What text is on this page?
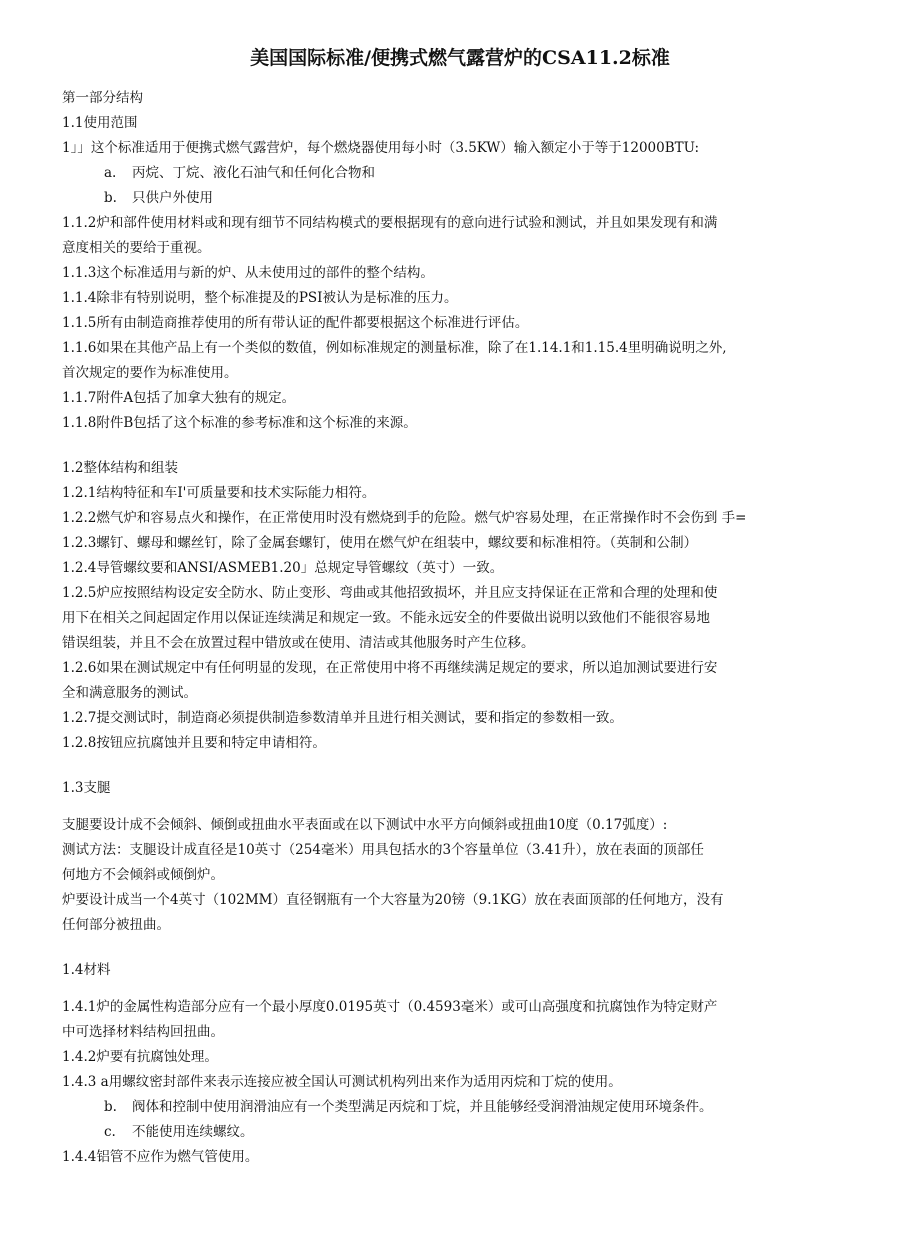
美国国际标准/便携式燃气露营炉的CSA11.2标准
第一部分结构
1.1使用范围
1」」这个标准适用于便携式燃气露营炉，每个燃烧器使用每小时（3.5KW）输入额定小于等于12000BTU:
a. 丙烷、丁烷、液化石油气和任何化合物和
b. 只供户外使用
1.1.2炉和部件使用材料或和现有细节不同结构模式的要根据现有的意向进行试验和测试，并且如果发现有和满
意度相关的要给于重视。
1.1.3这个标准适用与新的炉、从未使用过的部件的整个结构。
1.1.4除非有特别说明，整个标准提及的PSI被认为是标准的压力。
1.1.5所有由制造商推荐使用的所有带认证的配件都要根据这个标准进行评估。
1.1.6如果在其他产品上有一个类似的数值，例如标准规定的测量标准，除了在1.14.1和1.15.4里明确说明之外,
首次规定的要作为标准使用。
1.1.7附件A包括了加拿大独有的规定。
1.1.8附件B包括了这个标准的参考标准和这个标准的来源。
1.2整体结构和组装
1.2.1结构特征和车I'可质量要和技术实际能力相符。
1.2.2燃气炉和容易点火和操作，在正常使用时没有燃烧到手的危险。燃气炉容易处理，在正常操作时不会伤到 手=
1.2.3螺钉、螺母和螺丝钉，除了金属套螺钉，使用在燃气炉在组装中，螺纹要和标准相符。（英制和公制）
1.2.4导管螺纹要和ANSI/ASMEB1.20」总规定导管螺纹（英寸）一致。
1.2.5炉应按照结构设定安全防水、防止变形、弯曲或其他招致损坏，并且应支持保证在正常和合理的处理和使
用下在相关之间起固定作用以保证连续满足和规定一致。不能永远安全的件要做出说明以致他们不能很容易地
错误组装，并且不会在放置过程中错放或在使用、清洁或其他服务时产生位移。
1.2.6如果在测试规定中有任何明显的发现，在正常使用中将不再继续满足规定的要求，所以追加测试要进行安
全和满意服务的测试。
1.2.7提交测试时，制造商必须提供制造参数清单并且进行相关测试，要和指定的参数相一致。
1.2.8按钮应抗腐蚀并且要和特定申请相符。
1.3支腿
支腿要设计成不会倾斜、倾倒或扭曲水平表面或在以下测试中水平方向倾斜或扭曲10度（0.17弧度）:
测试方法：支腿设计成直径是10英寸（254毫米）用具包括水的3个容量单位（3.41升），放在表面的顶部任
何地方不会倾斜或倾倒炉。
炉要设计成当一个4英寸（102MM）直径钢瓶有一个大容量为20镑（9.1KG）放在表面顶部的任何地方，没有
任何部分被扭曲。
1.4材料
1.4.1炉的金属性构造部分应有一个最小厚度0.0195英寸（0.4593毫米）或可山高强度和抗腐蚀作为特定财产
中可选择材料结构回扭曲。
1.4.2炉要有抗腐蚀处理。
1.4.3 a用螺纹密封部件来表示连接应被全国认可测试机构列出来作为适用丙烷和丁烷的使用。
b. 阀体和控制中使用润滑油应有一个类型满足丙烷和丁烷，并且能够经受润滑油规定使用环境条件。
c. 不能使用连续螺纹。
1.4.4铝管不应作为燃气管使用。
